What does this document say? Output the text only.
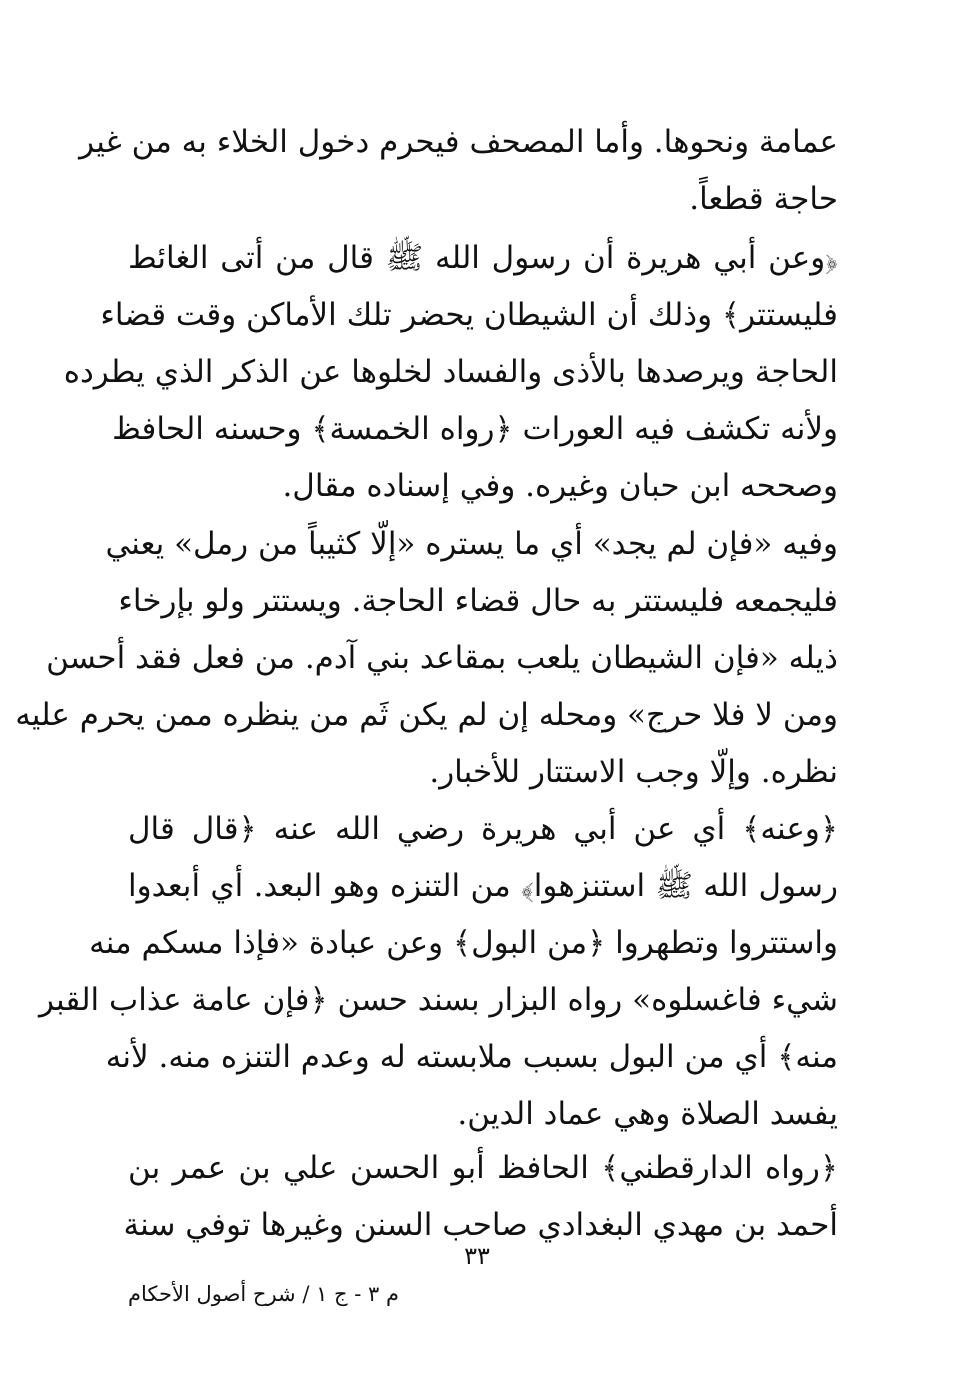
عمامة ونحوها. وأما المصحف فيحرم دخول الخلاء به من غير
حاجة قطعاً.
﴿وعن أبي هريرة أن رسول الله ﷺ قال من أتى الغائط
فليستتر﴾ وذلك أن الشيطان يحضر تلك الأماكن وقت قضاء
الحاجة ويرصدها بالأذى والفساد لخلوها عن الذكر الذي يطرده
ولأنه تكشف فيه العورات ﴿رواه الخمسة﴾ وحسنه الحافظ
وصححه ابن حبان وغيره. وفي إسناده مقال.
وفيه «فإن لم يجد» أي ما يستره «إلّا كثيباً من رمل» يعني
فليجمعه فليستتر به حال قضاء الحاجة. ويستتر ولو بإرخاء
ذيله «فإن الشيطان يلعب بمقاعد بني آدم. من فعل فقد أحسن
ومن لا فلا حرج» ومحله إن لم يكن ثَم من ينظره ممن يحرم عليه
نظره. وإلّا وجب الاستتار للأخبار.
﴿وعنه﴾ أي عن أبي هريرة رضي الله عنه ﴿قال قال
رسول الله ﷺ استنزهوا﴾ من التنزه وهو البعد. أي أبعدوا
واستتروا وتطهروا ﴿من البول﴾ وعن عبادة «فإذا مسكم منه
شيء فاغسلوه» رواه البزار بسند حسن ﴿فإن عامة عذاب القبر
منه﴾ أي من البول بسبب ملابسته له وعدم التنزه منه. لأنه
يفسد الصلاة وهي عماد الدين.
﴿رواه الدارقطني﴾ الحافظ أبو الحسن علي بن عمر بن
أحمد بن مهدي البغدادي صاحب السنن وغيرها توفي سنة
٣٣
م ٣ - ج ١ / شرح أصول الأحكام
